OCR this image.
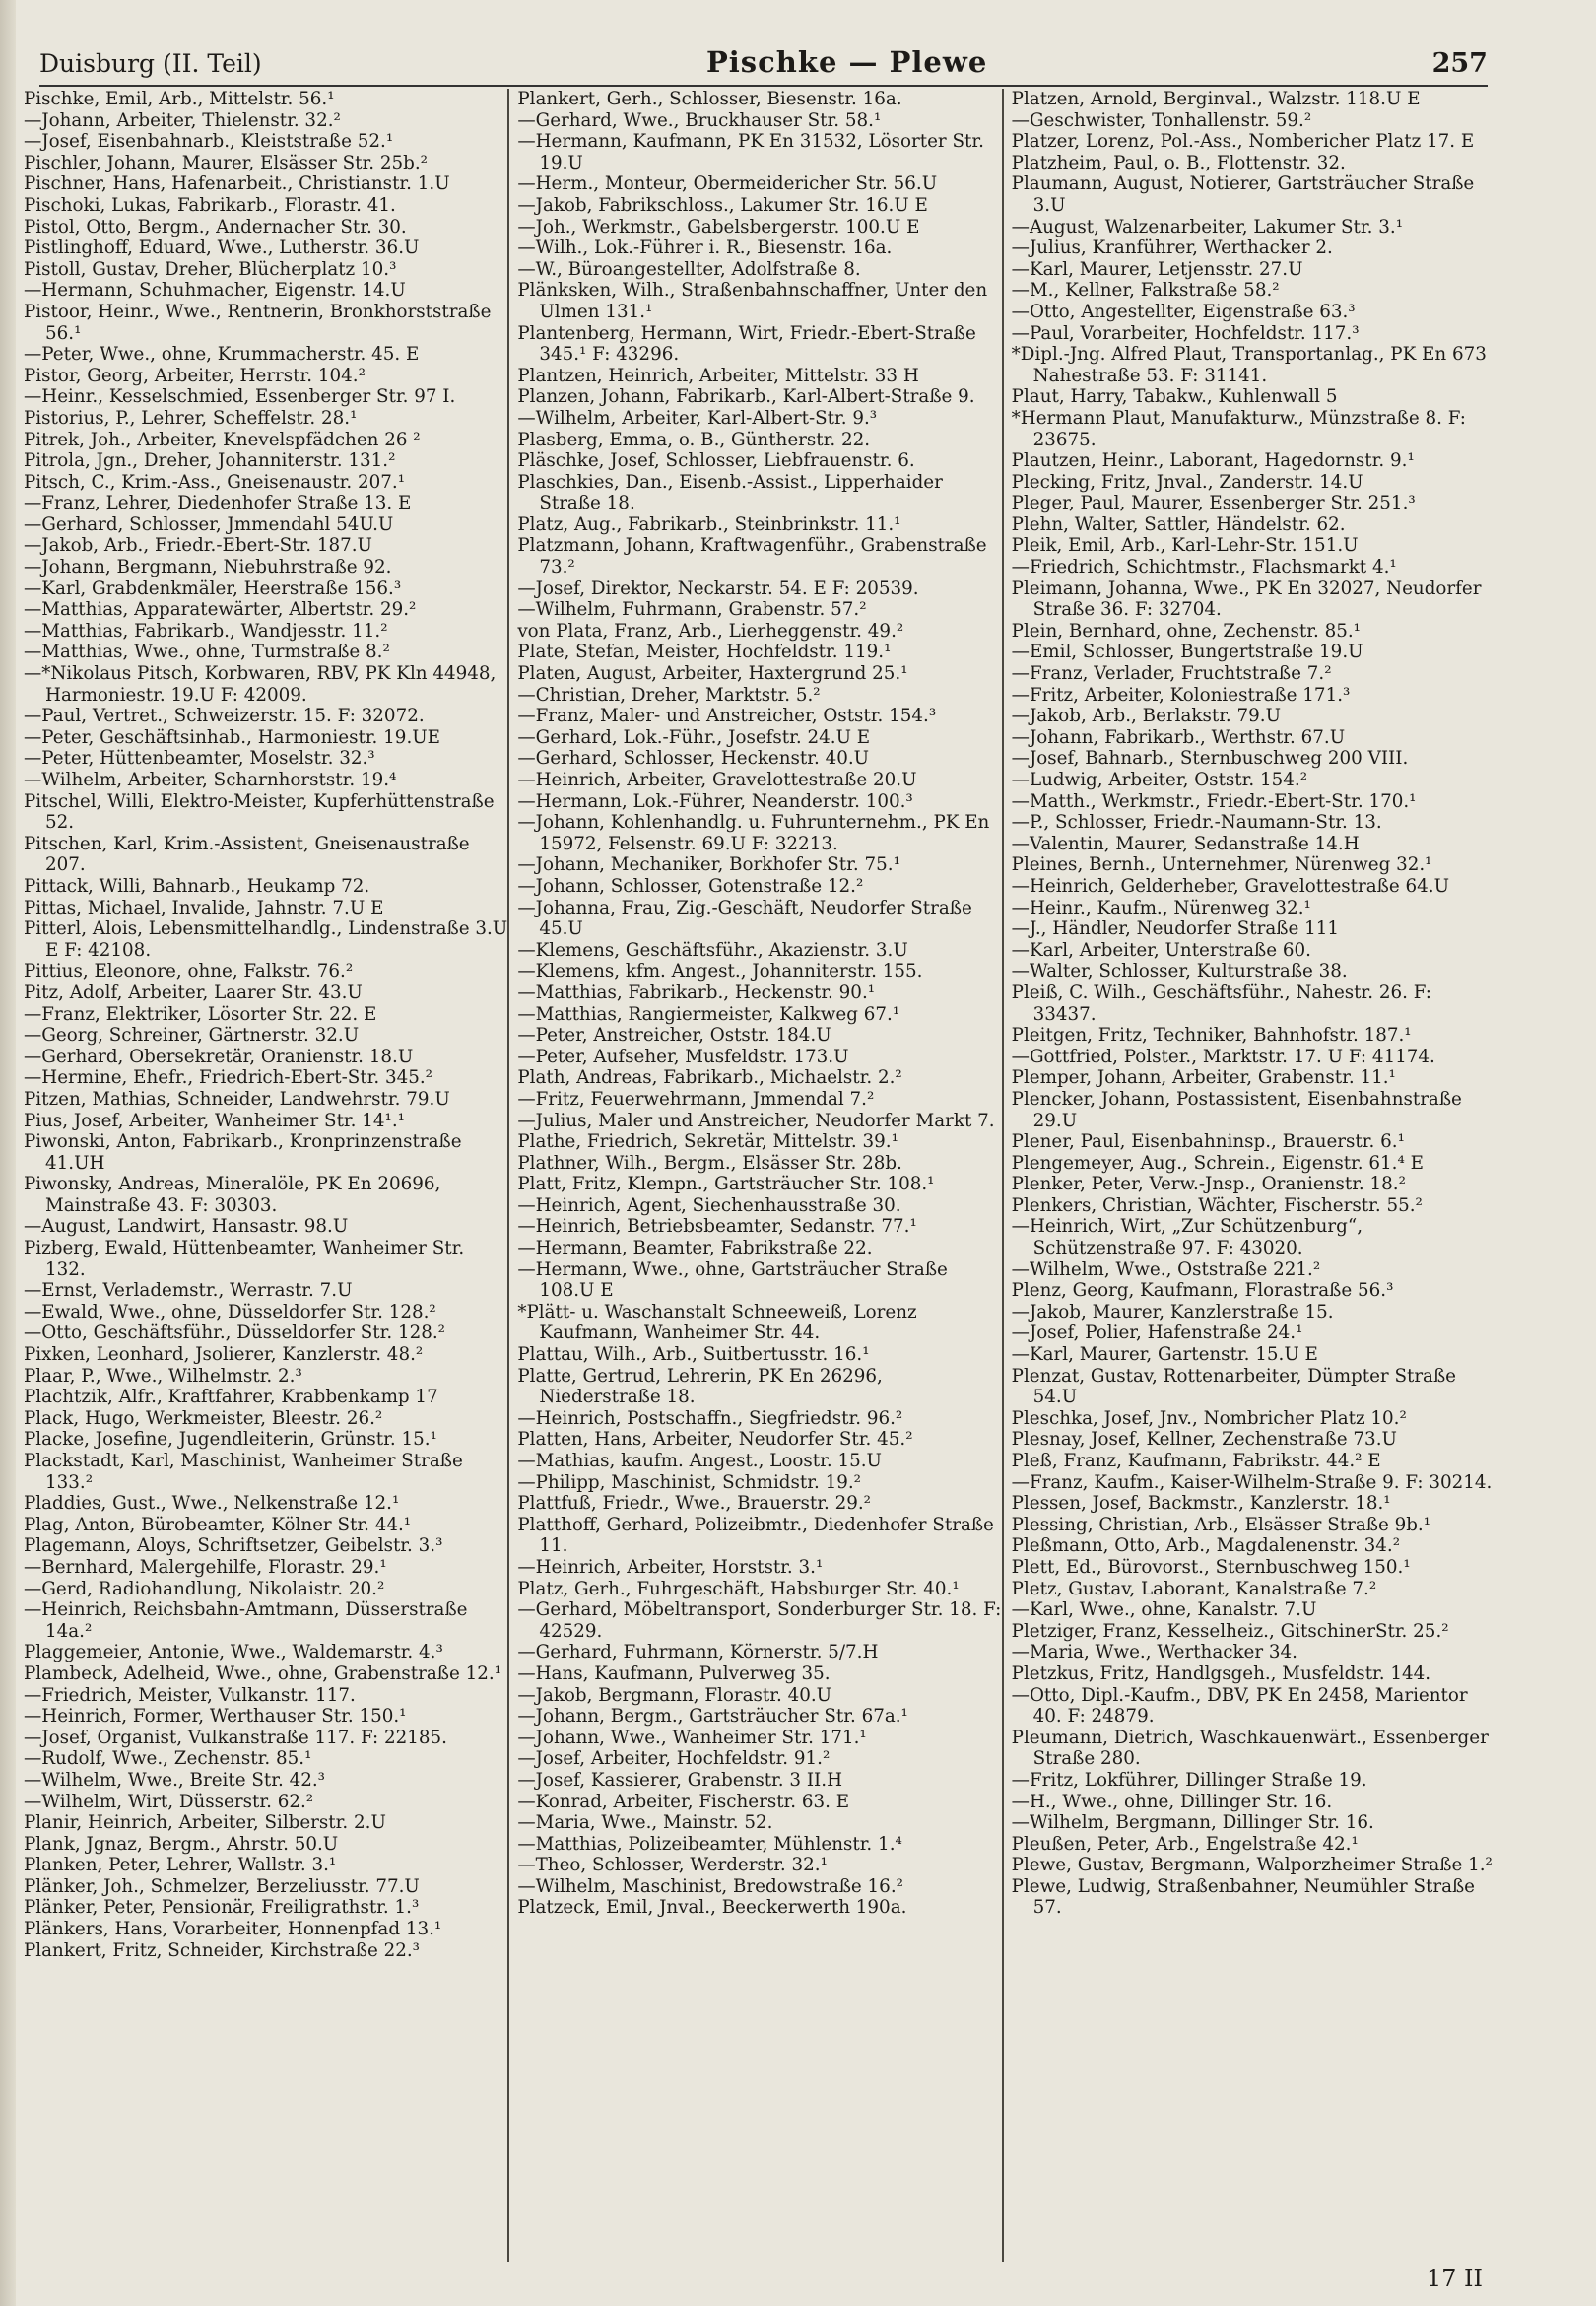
Duisburg (II. Teil)	Pischke — Plewe	257
Pischke, Emil, Arb., Mittelstr. 56.¹
—Johann, Arbeiter, Thielenstr. 32.²
—Josef, Eisenbahnarb., Kleiststraße 52.¹
Pischler, Johann, Maurer, Elsässer Str. 25b.²
Pischner, Hans, Hafenarbeit., Christianstr. 1.U
Pischoki, Lukas, Fabrikarb., Florastr. 41.
Pistol, Otto, Bergm., Andernacher Str. 30.
Pistlinghoff, Eduard, Wwe., Lutherstr. 36.U
Pistoll, Gustav, Dreher, Blücherplatz 10.³
—Hermann, Schuhmacher, Eigenstr. 14.U
Pistoor, Heinr., Wwe., Rentnerin, Bronkhorststraße 56.¹
—Peter, Wwe., ohne, Krummacherstr. 45. E
Pistor, Georg, Arbeiter, Herrstr. 104.²
—Heinr., Kesselschmied, Essenberger Str. 97 I.
Pistorius, P., Lehrer, Scheffelstr. 28.¹
Pitrek, Joh., Arbeiter, Knevelspfädchen 26 ²
Pitrola, Jgn., Dreher, Johanniterstr. 131.²
Pitsch, C., Krim.-Ass., Gneisenaustr. 207.¹
—Franz, Lehrer, Diedenhofer Straße 13. E
—Gerhard, Schlosser, Jmmendahl 54U.U
—Jakob, Arb., Friedr.-Ebert-Str. 187.U
—Johann, Bergmann, Niebuhrstraße 92.
—Karl, Grabdenkmäler, Heerstraße 156.³
—Matthias, Apparatewärter, Albertstr. 29.²
—Matthias, Fabrikarb., Wandjesstr. 11.²
—Matthias, Wwe., ohne, Turmstraße 8.²
—*Nikolaus Pitsch, Korbwaren, RBV, PK Kln 44948, Harmoniestr. 19.U F: 42009.
—Paul, Vertret., Schweizerstr. 15. F: 32072.
—Peter, Geschäftsinhab., Harmoniestr. 19.UE
—Peter, Hüttenbeamter, Moselstr. 32.³
—Wilhelm, Arbeiter, Scharnhorststr. 19.⁴
Pitschel, Willi, Elektro-Meister, Kupferhüttenstraße 52.
Pitschen, Karl, Krim.-Assistent, Gneisenaustraße 207.
Pittack, Willi, Bahnarb., Heukamp 72.
Pittas, Michael, Invalide, Jahnstr. 7.U E
Pitterl, Alois, Lebensmittelhandlg., Lindenstraße 3.U E F: 42108.
Pittius, Eleonore, ohne, Falkstr. 76.²
Pitz, Adolf, Arbeiter, Laarer Str. 43.U
—Franz, Elektriker, Lösorter Str. 22. E
—Georg, Schreiner, Gärtnerstr. 32.U
—Gerhard, Obersekretär, Oranienstr. 18.U
—Hermine, Ehefr., Friedrich-Ebert-Str. 345.²
Pitzen, Mathias, Schneider, Landwehrstr. 79.U
Pius, Josef, Arbeiter, Wanheimer Str. 14¹.¹
Piwonski, Anton, Fabrikarb., Kronprinzenstraße 41.UH
Piwonsky, Andreas, Mineralöle, PK En 20696, Mainstraße 43. F: 30303.
—August, Landwirt, Hansastr. 98.U
Pizberg, Ewald, Hüttenbeamter, Wanheimer Str. 132.
—Ernst, Verlademstr., Werrastr. 7.U
—Ewald, Wwe., ohne, Düsseldorfer Str. 128.²
—Otto, Geschäftsführ., Düsseldorfer Str. 128.²
Pixken, Leonhard, Jsolierer, Kanzlerstr. 48.²
Plaar, P., Wwe., Wilhelmstr. 2.³
Plachtzik, Alfr., Kraftfahrer, Krabbenkamp 17
Plack, Hugo, Werkmeister, Bleestr. 26.²
Placke, Josefine, Jugendleiterin, Grünstr. 15.¹
Plackstadt, Karl, Maschinist, Wanheimer Straße 133.²
Pladdies, Gust., Wwe., Nelkenstraße 12.¹
Plag, Anton, Bürobeamter, Kölner Str. 44.¹
Plagemann, Aloys, Schriftsetzer, Geibelstr. 3.³
—Bernhard, Malergehilfe, Florastr. 29.¹
—Gerd, Radiohandlung, Nikolaistr. 20.²
—Heinrich, Reichsbahn-Amtmann, Düsserstraße 14a.²
Plaggemeier, Antonie, Wwe., Waldemarstr. 4.³
Plambeck, Adelheid, Wwe., ohne, Grabenstraße 12.¹
—Friedrich, Meister, Vulkanstr. 117.
—Heinrich, Former, Werthauser Str. 150.¹
—Josef, Organist, Vulkanstraße 117. F: 22185.
—Rudolf, Wwe., Zechenstr. 85.¹
—Wilhelm, Wwe., Breite Str. 42.³
—Wilhelm, Wirt, Düsserstr. 62.²
Planir, Heinrich, Arbeiter, Silberstr. 2.U
Plank, Jgnaz, Bergm., Ahrstr. 50.U
Planken, Peter, Lehrer, Wallstr. 3.¹
Plänker, Joh., Schmelzer, Berzeliusstr. 77.U
Plänker, Peter, Pensionär, Freiligrathstr. 1.³
Plänkers, Hans, Vorarbeiter, Honnenpfad 13.¹
Plankert, Fritz, Schneider, Kirchstraße 22.³
Plankert, Gerh., Schlosser, Biesenstr. 16a.
—Gerhard, Wwe., Bruckhauser Str. 58.¹
—Hermann, Kaufmann, PK En 31532, Lösorter Str. 19.U
—Herm., Monteur, Obermeidericher Str. 56.U
—Jakob, Fabrikschloss., Lakumer Str. 16.U E
—Joh., Werkmstr., Gabelsbergerstr. 100.U E
—Wilh., Lok.-Führer i. R., Biesenstr. 16a.
—W., Büroangestellter, Adolfstraße 8.
Plänksken, Wilh., Straßenbahnschaffner, Unter den Ulmen 131.¹
Plantenberg, Hermann, Wirt, Friedr.-Ebert-Straße 345.¹ F: 43296.
Plantzen, Heinrich, Arbeiter, Mittelstr. 33 H
Planzen, Johann, Fabrikarb., Karl-Albert-Straße 9.
—Wilhelm, Arbeiter, Karl-Albert-Str. 9.³
Plasberg, Emma, o. B., Güntherstr. 22.
Pläschke, Josef, Schlosser, Liebfrauenstr. 6.
Plaschkies, Dan., Eisenb.-Assist., Lipperhaider Straße 18.
Platz, Aug., Fabrikarb., Steinbrinkstr. 11.¹
Platzmann, Johann, Kraftwagenführ., Grabenstraße 73.²
—Josef, Direktor, Neckarstr. 54. E F: 20539.
—Wilhelm, Fuhrmann, Grabenstr. 57.²
von Plata, Franz, Arb., Lierheggenstr. 49.²
Plate, Stefan, Meister, Hochfeldstr. 119.¹
Platen, August, Arbeiter, Haxtergrund 25.¹
—Christian, Dreher, Marktstr. 5.²
—Franz, Maler- und Anstreicher, Oststr. 154.³
—Gerhard, Lok.-Führ., Josefstr. 24.U E
—Gerhard, Schlosser, Heckenstr. 40.U
—Heinrich, Arbeiter, Gravelottestraße 20.U
—Hermann, Lok.-Führer, Neanderstr. 100.³
—Johann, Kohlenhandlg. u. Fuhrunternehm., PK En 15972, Felsenstr. 69.U F: 32213.
—Johann, Mechaniker, Borkhofer Str. 75.¹
—Johann, Schlosser, Gotenstraße 12.²
—Johanna, Frau, Zig.-Geschäft, Neudorfer Straße 45.U
—Klemens, Geschäftsführ., Akazienstr. 3.U
—Klemens, kfm. Angest., Johanniterstr. 155.
—Matthias, Fabrikarb., Heckenstr. 90.¹
—Matthias, Rangiermeister, Kalkweg 67.¹
—Peter, Anstreicher, Oststr. 184.U
—Peter, Aufseher, Musfeldstr. 173.U
Plath, Andreas, Fabrikarb., Michaelstr. 2.²
—Fritz, Feuerwehrmann, Jmmendal 7.²
—Julius, Maler und Anstreicher, Neudorfer Markt 7.
Plathe, Friedrich, Sekretär, Mittelstr. 39.¹
Plathner, Wilh., Bergm., Elsässer Str. 28b.
Platt, Fritz, Klempn., Gartsträucher Str. 108.¹
—Heinrich, Agent, Siechenhausstraße 30.
—Heinrich, Betriebsbeamter, Sedanstr. 77.¹
—Hermann, Beamter, Fabrikstraße 22.
—Hermann, Wwe., ohne, Gartsträucher Straße 108.U E
*Plätt- u. Waschanstalt Schneeweiß, Lorenz Kaufmann, Wanheimer Str. 44.
Plattau, Wilh., Arb., Suitbertusstr. 16.¹
Platte, Gertrud, Lehrerin, PK En 26296, Niederstraße 18.
—Heinrich, Postschaffn., Siegfriedstr. 96.²
Platten, Hans, Arbeiter, Neudorfer Str. 45.²
—Mathias, kaufm. Angest., Loostr. 15.U
—Philipp, Maschinist, Schmidstr. 19.²
Plattfuß, Friedr., Wwe., Brauerstr. 29.²
Platthoff, Gerhard, Polizeibmtr., Diedenhofer Straße 11.
—Heinrich, Arbeiter, Horststr. 3.¹
Platz, Gerh., Fuhrgeschäft, Habsburger Str. 40.¹
—Gerhard, Möbeltransport, Sonderburger Str. 18. F: 42529.
—Gerhard, Fuhrmann, Körnerstr. 5/7.H
—Hans, Kaufmann, Pulverweg 35.
—Jakob, Bergmann, Florastr. 40.U
—Johann, Bergm., Gartsträucher Str. 67a.¹
—Johann, Wwe., Wanheimer Str. 171.¹
—Josef, Arbeiter, Hochfeldstr. 91.²
—Josef, Kassierer, Grabenstr. 3 II.H
—Konrad, Arbeiter, Fischerstr. 63. E
—Maria, Wwe., Mainstr. 52.
—Matthias, Polizeibeamter, Mühlenstr. 1.⁴
—Theo, Schlosser, Werderstr. 32.¹
—Wilhelm, Maschinist, Bredowstraße 16.²
Platzeck, Emil, Jnval., Beeckerwerth 190a.
Platzen, Arnold, Berginval., Walzstr. 118.U E
—Geschwister, Tonhallenstr. 59.²
Platzer, Lorenz, Pol.-Ass., Nombericher Platz 17. E
Platzheim, Paul, o. B., Flottenstr. 32.
Plaumann, August, Notierer, Gartsträucher Straße 3.U
—August, Walzenarbeiter, Lakumer Str. 3.¹
—Julius, Kranführer, Werthacker 2.
—Karl, Maurer, Letjensstr. 27.U
—M., Kellner, Falkstraße 58.²
—Otto, Angestellter, Eigenstraße 63.³
—Paul, Vorarbeiter, Hochfeldstr. 117.³
*Dipl.-Jng. Alfred Plaut, Transportanlag., PK En 673 Nahestraße 53. F: 31141.
Plaut, Harry, Tabakw., Kuhlenwall 5
*Hermann Plaut, Manufakturw., Münzstraße 8. F: 23675.
Plautzen, Heinr., Laborant, Hagedornstr. 9.¹
Plecking, Fritz, Jnval., Zanderstr. 14.U
Pleger, Paul, Maurer, Essenberger Str. 251.³
Plehn, Walter, Sattler, Händelstr. 62.
Pleik, Emil, Arb., Karl-Lehr-Str. 151.U
—Friedrich, Schichtmstr., Flachsmarkt 4.¹
Pleimann, Johanna, Wwe., PK En 32027, Neudorfer Straße 36. F: 32704.
Plein, Bernhard, ohne, Zechenstr. 85.¹
—Emil, Schlosser, Bungertstraße 19.U
—Franz, Verlader, Fruchtstraße 7.²
—Fritz, Arbeiter, Koloniestraße 171.³
—Jakob, Arb., Berlakstr. 79.U
—Johann, Fabrikarb., Werthstr. 67.U
—Josef, Bahnarb., Sternbuschweg 200 VIII.
—Ludwig, Arbeiter, Oststr. 154.²
—Matth., Werkmstr., Friedr.-Ebert-Str. 170.¹
—P., Schlosser, Friedr.-Naumann-Str. 13.
—Valentin, Maurer, Sedanstraße 14.H
Pleines, Bernh., Unternehmer, Nürenweg 32.¹
—Heinrich, Gelderheber, Gravelottestraße 64.U
—Heinr., Kaufm., Nürenweg 32.¹
—J., Händler, Neudorfer Straße 111
—Karl, Arbeiter, Unterstraße 60.
—Walter, Schlosser, Kulturstraße 38.
Pleiß, C. Wilh., Geschäftsführ., Nahestr. 26. F: 33437.
Pleitgen, Fritz, Techniker, Bahnhofstr. 187.¹
—Gottfried, Polster., Marktstr. 17. U F: 41174.
Plemper, Johann, Arbeiter, Grabenstr. 11.¹
Plencker, Johann, Postassistent, Eisenbahnstraße 29.U
Plener, Paul, Eisenbahninsp., Brauerstr. 6.¹
Plengemeyer, Aug., Schrein., Eigenstr. 61.⁴ E
Plenker, Peter, Verw.-Jnsp., Oranienstr. 18.²
Plenkers, Christian, Wächter, Fischerstr. 55.²
—Heinrich, Wirt, „Zur Schützenburg“, Schützenstraße 97. F: 43020.
—Wilhelm, Wwe., Oststraße 221.²
Plenz, Georg, Kaufmann, Florastraße 56.³
—Jakob, Maurer, Kanzlerstraße 15.
—Josef, Polier, Hafenstraße 24.¹
—Karl, Maurer, Gartenstr. 15.U E
Plenzat, Gustav, Rottenarbeiter, Dümpter Straße 54.U
Pleschka, Josef, Jnv., Nombricher Platz 10.²
Plesnay, Josef, Kellner, Zechenstraße 73.U
Pleß, Franz, Kaufmann, Fabrikstr. 44.² E
—Franz, Kaufm., Kaiser-Wilhelm-Straße 9. F: 30214.
Plessen, Josef, Backmstr., Kanzlerstr. 18.¹
Plessing, Christian, Arb., Elsässer Straße 9b.¹
Pleßmann, Otto, Arb., Magdalenenstr. 34.²
Plett, Ed., Bürovorst., Sternbuschweg 150.¹
Pletz, Gustav, Laborant, Kanalstraße 7.²
—Karl, Wwe., ohne, Kanalstr. 7.U
Pletziger, Franz, Kesselheiz., GitschinerStr. 25.²
—Maria, Wwe., Werthacker 34.
Pletzkus, Fritz, Handlgsgeh., Musfeldstr. 144.
—Otto, Dipl.-Kaufm., DBV, PK En 2458, Marientor 40. F: 24879.
Pleumann, Dietrich, Waschkauenwärt., Essenberger Straße 280.
—Fritz, Lokführer, Dillinger Straße 19.
—H., Wwe., ohne, Dillinger Str. 16.
—Wilhelm, Bergmann, Dillinger Str. 16.
Pleußen, Peter, Arb., Engelstraße 42.¹
Plewe, Gustav, Bergmann, Walporzheimer Straße 1.²
Plewe, Ludwig, Straßenbahner, Neumühler Straße 57.
17 II
